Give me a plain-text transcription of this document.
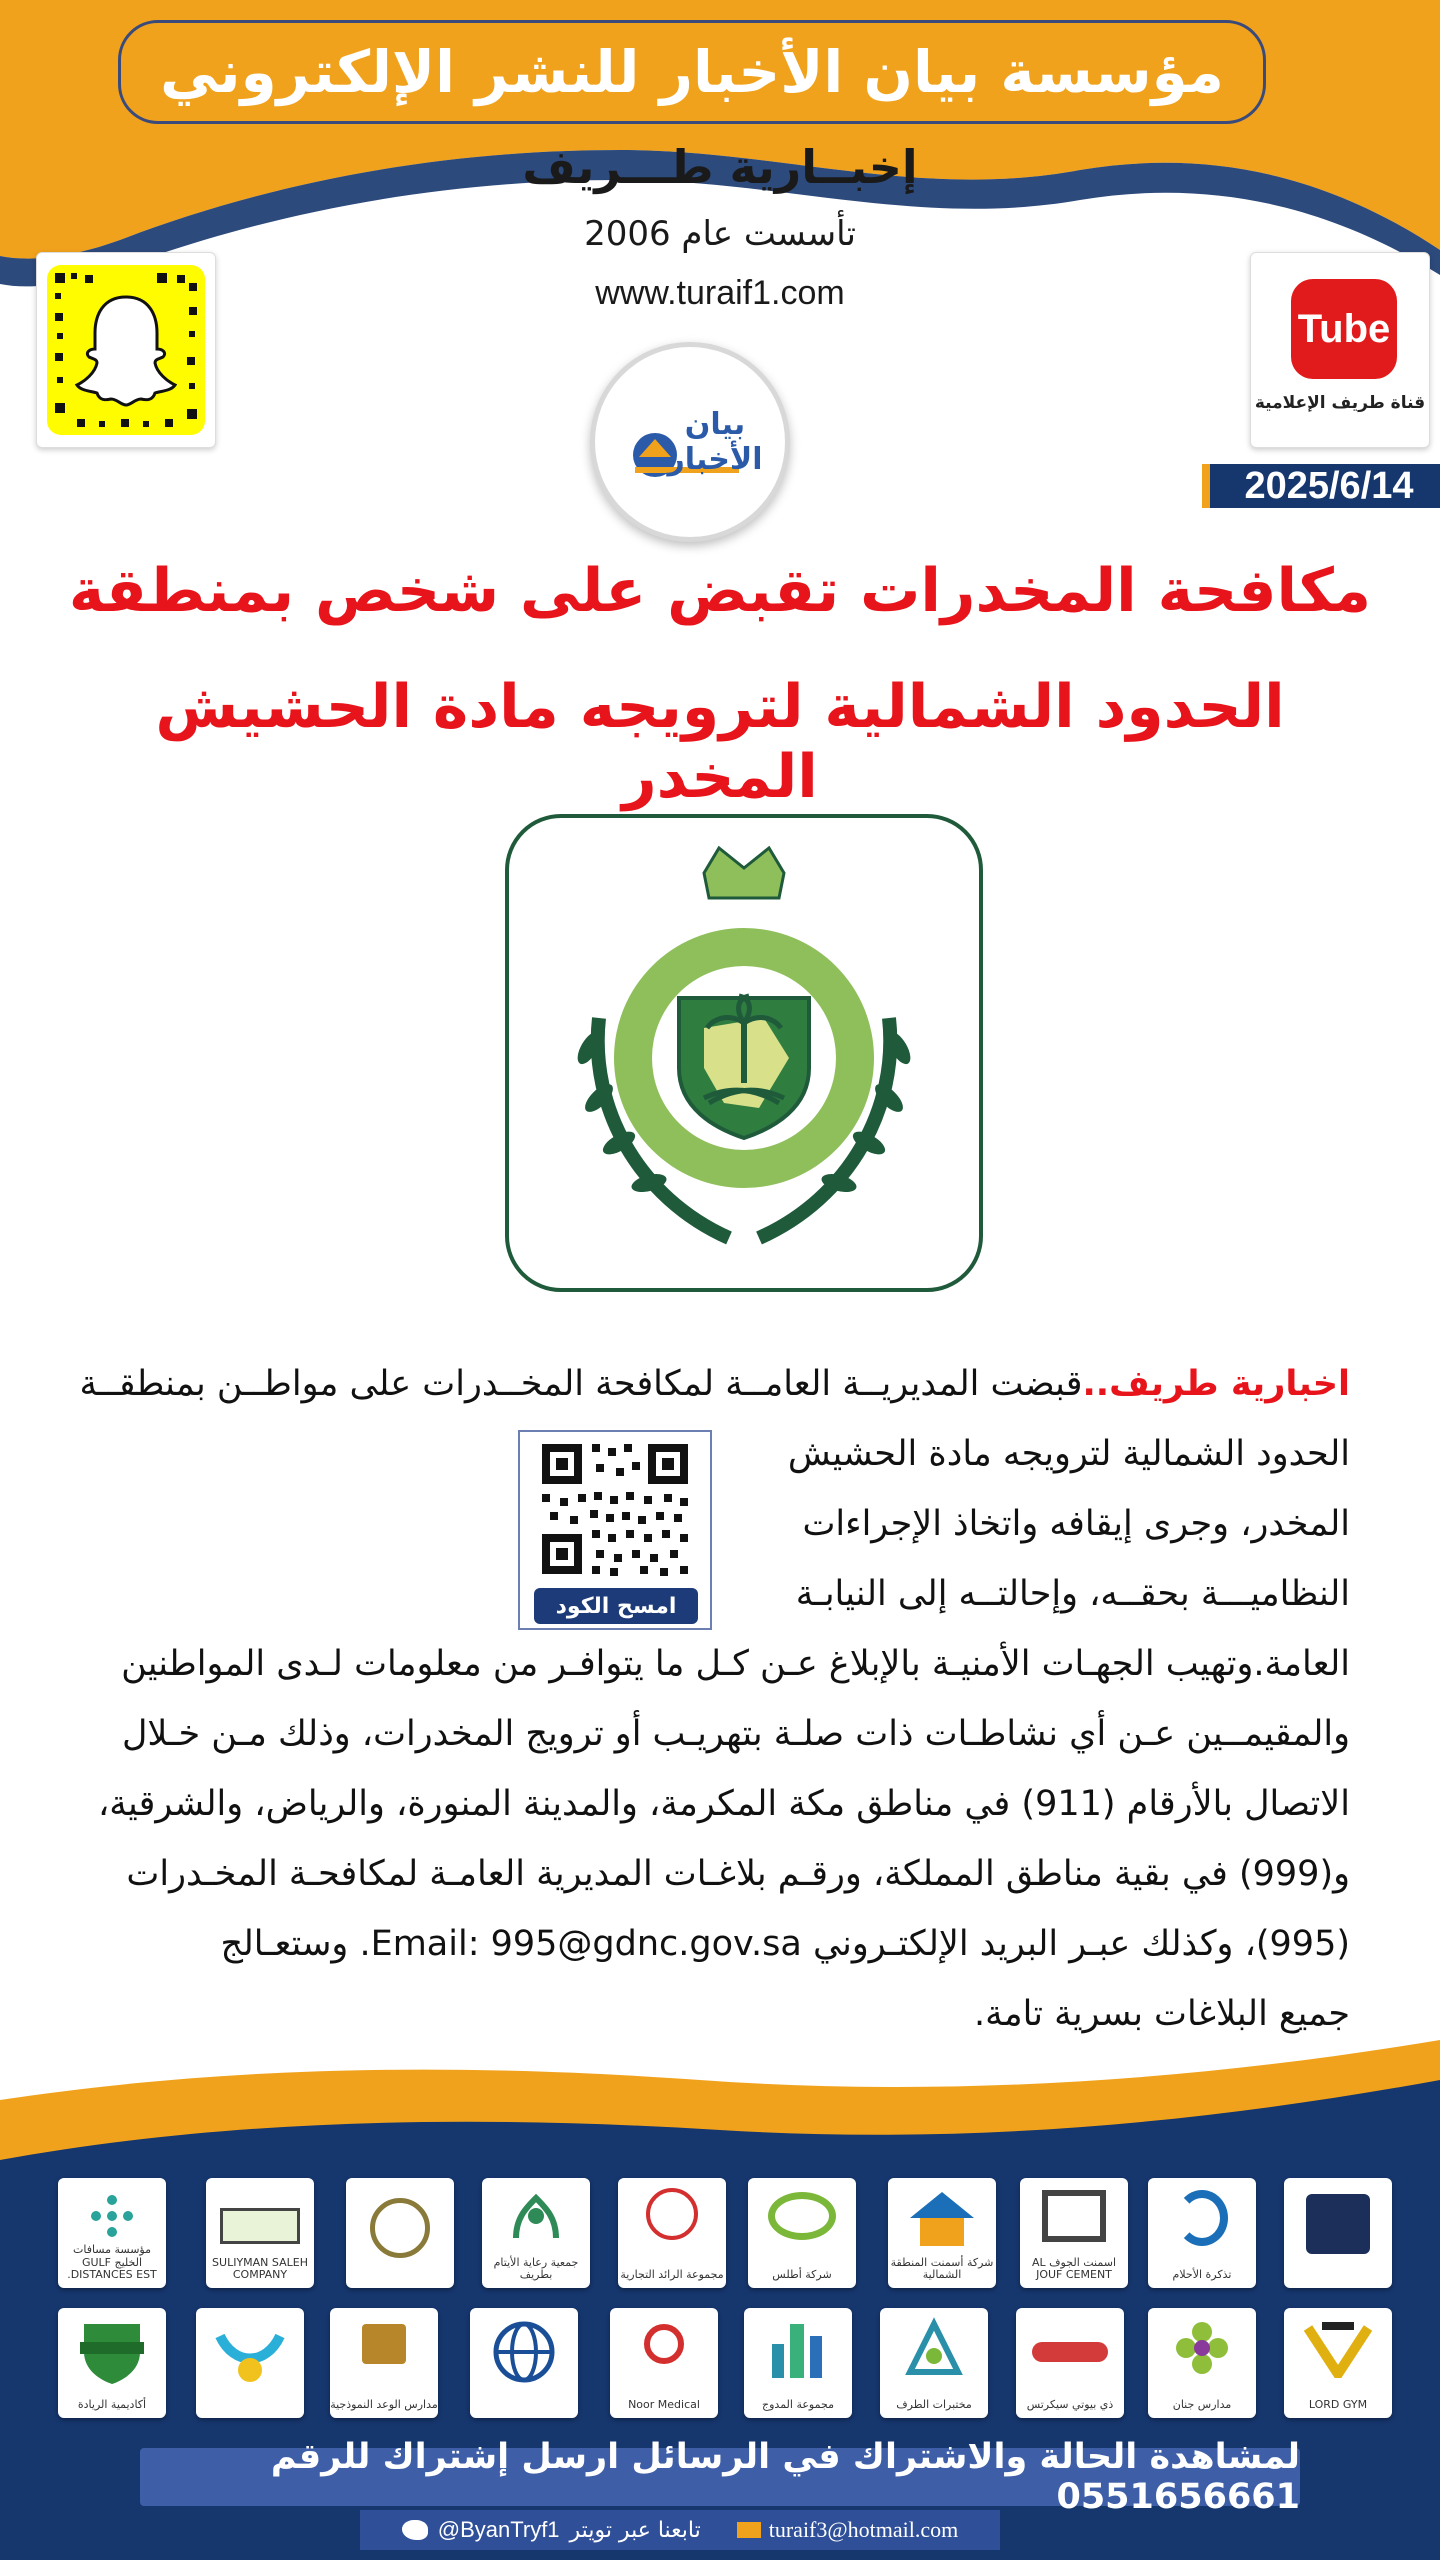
مؤسسة بيان الأخبار للنشر الإلكتروني
إخبــارية طـــريف
تأسست عام 2006
www.turaif1.com
Tube
قناة طريف الإعلامية
بيان الأخبار
2025/6/14
مكافحة المخدرات تقبض على شخص بمنطقة
الحدود الشمالية لترويجه مادة الحشيش المخدر
اخبارية طريف..قبضت المديريــة العامــة لمكافحة المخــدرات على مواطــن بمنطقــة
الحدود الشمالية لترويجه مادة الحشيش
المخدر، وجرى إيقافه واتخاذ الإجراءات
النظاميـــة بحقــه، وإحالتــه إلى النيابـة
العامة.وتهيب الجهـات الأمنيـة بالإبلاغ عـن كـل ما يتوافـر من معلومات لـدى المواطنين
والمقيمــين عـن أي نشاطـات ذات صلـة بتهريـب أو ترويج المخدرات، وذلك مـن خـلال
الاتصال بالأرقام (911) في مناطق مكة المكرمة، والمدينة المنورة، والرياض، والشرقية،
و(999) في بقية مناطق المملكة، ورقـم بلاغـات المديرية العامـة لمكافحـة المخـدرات
(995)، وكذلك عبـر البريد الإلكتـروني Email: 995@gdnc.gov.sa. وستعـالج
جميع البلاغات بسرية تامة.
امسح الكود
تذكرة الأحلام
اسمنت الجوف AL JOUF CEMENT
شركة أسمنت المنطقة الشمالية
شركة أطلس
مجموعة الرائد التجارية
جمعية رعاية الأيتام بطريف
SULIYMAN SALEH COMPANY
مؤسسة مسافات الخليج GULF DISTANCES EST.
LORD GYM
مدارس جنان
ذي بيوتي سيكرتس
مختبرات الطرف
مجموعة المدوج
Noor Medical
مدارس الوعد النموذجية
أكاديمية الريادة
لمشاهدة الحالة والاشتراك في الرسائل ارسل إشتراك للرقم 0551656661
@ByanTryf1 تابعنا عبر تويتر	turaif3@hotmail.com
